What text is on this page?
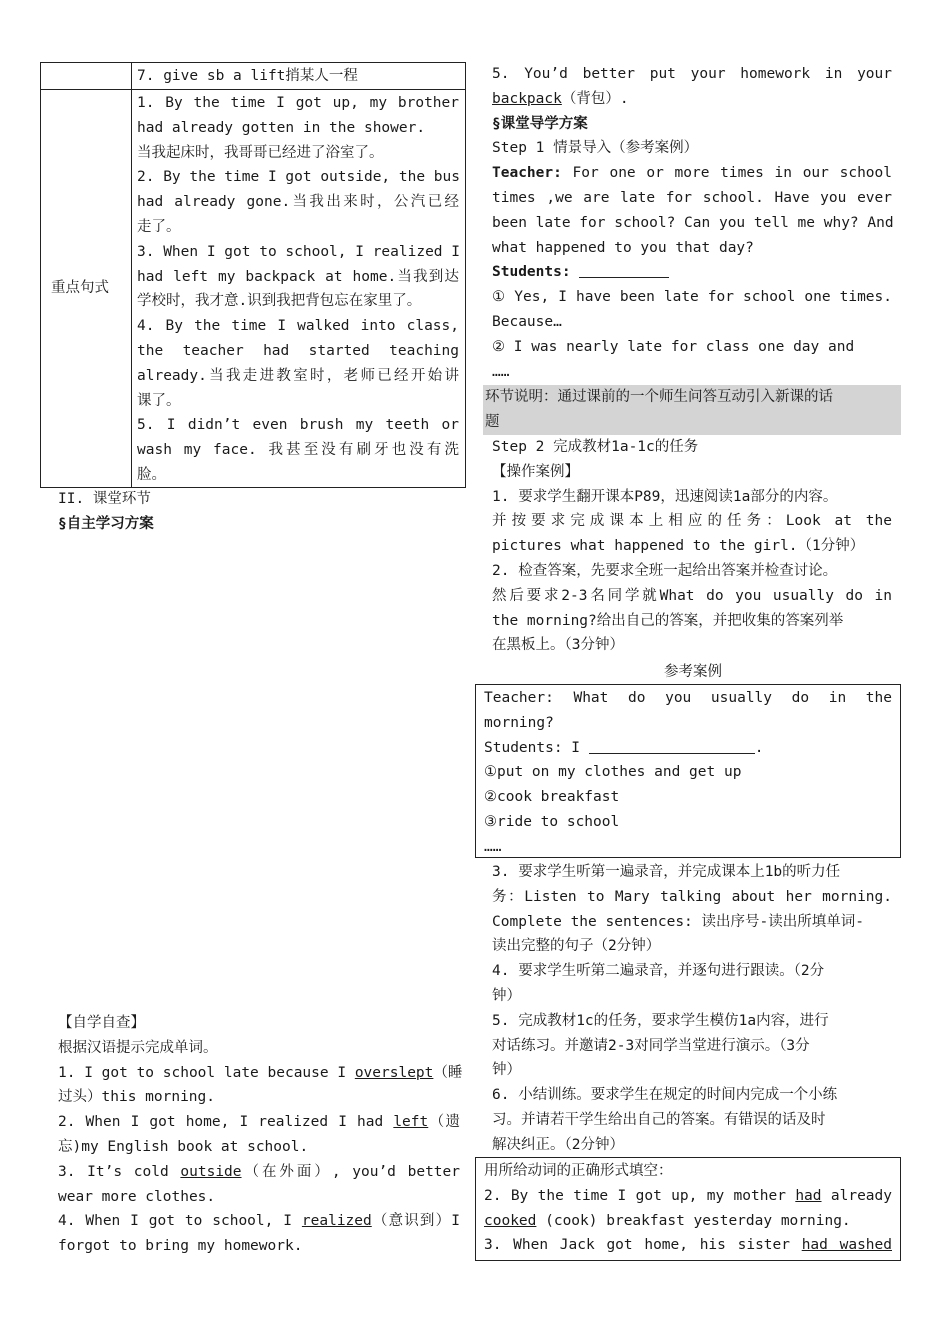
7. give sb a lift捎某人一程
重点句式
1. By the time I got up, my brother
had already gotten in the shower.
当我起床时，我哥哥已经进了浴室了。
2. By the time I got outside, the bus
had already gone.当我出来时，公汽已经
走了。
3. When I got to school, I realized I
had left my backpack at home.当我到达
学校时，我才意.识到我把背包忘在家里了。
4. By the time I walked into class,
the teacher had started teaching
already.当我走进教室时，老师已经开始讲
课了。
5. I didn’t even brush my teeth or
wash my face. 我甚至没有刷牙也没有洗
脸。
II. 课堂环节
§自主学习方案
【自学自查】
根据汉语提示完成单词。
1. I got to school late because I overslept（睡
过头）this morning.
2. When I got home, I realized I had left（遗
忘)my English book at school.
3. It’s cold outside（在外面）, you’d better
wear more clothes.
4. When I got to school, I realized（意识到）I
forgot to bring my homework.
5. You’d better put your homework in your
backpack（背包）.
§课堂导学方案
Step 1 情景导入（参考案例）
Teacher: For one or more times in our school
times ,we are late for school. Have you ever
been late for school? Can you tell me why? And
what happened to you that day?
Students:
① Yes, I have been late for school one times.
Because…
② I was nearly late for class one day and
……
环节说明：通过课前的一个师生问答互动引入新课的话
题
Step 2 完成教材1a-1c的任务
【操作案例】
1. 要求学生翻开课本P89，迅速阅读1a部分的内容。
并按要求完成课本上相应的任务：Look at the
pictures what happened to the girl.（1分钟）
2. 检查答案，先要求全班一起给出答案并检查讨论。
然后要求2-3名同学就What do you usually do in
the morning?给出自己的答案，并把收集的答案列举
在黑板上。（3分钟）
参考案例
Teacher: What do you usually do in the
morning?
Students: I	.
①put on my clothes and get up
②cook breakfast
③ride to school
……
3. 要求学生听第一遍录音，并完成课本上1b的听力任
务：Listen to Mary talking about her morning.
Complete the sentences: 读出序号-读出所填单词-
读出完整的句子（2分钟）
4. 要求学生听第二遍录音，并逐句进行跟读。（2分
钟）
5. 完成教材1c的任务，要求学生模仿1a内容，进行
对话练习。并邀请2-3对同学当堂进行演示。（3分
钟）
6. 小结训练。要求学生在规定的时间内完成一个小练
习。并请若干学生给出自己的答案。有错误的话及时
解决纠正。（2分钟）
用所给动词的正确形式填空：
2. By the time I got up, my mother had already
cooked (cook) breakfast yesterday morning.
3. When Jack got home, his sister had washed
